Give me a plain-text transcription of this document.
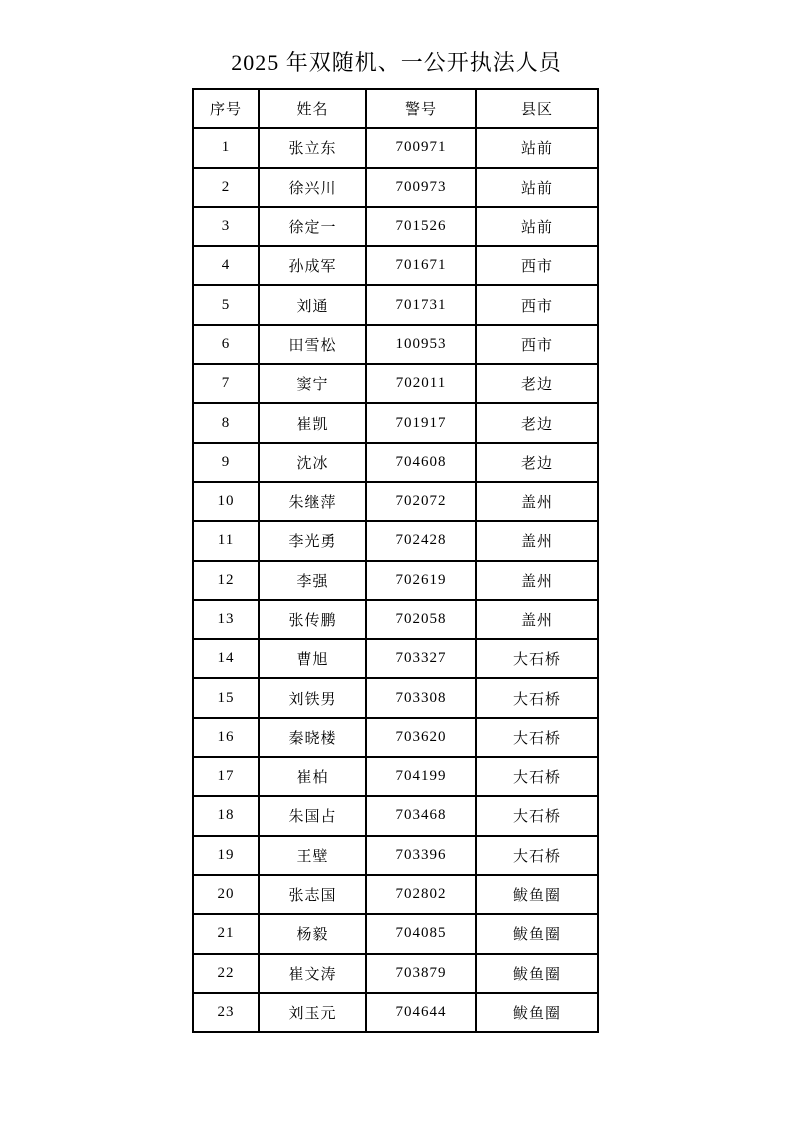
2025 年双随机、一公开执法人员
序号	姓名	警号	县区
1	张立东	700971	站前
2	徐兴川	700973	站前
3	徐定一	701526	站前
4	孙成军	701671	西市
5	刘通	701731	西市
6	田雪松	100953	西市
7	窦宁	702011	老边
8	崔凯	701917	老边
9	沈冰	704608	老边
10	朱继萍	702072	盖州
11	李光勇	702428	盖州
12	李强	702619	盖州
13	张传鹏	702058	盖州
14	曹旭	703327	大石桥
15	刘铁男	703308	大石桥
16	秦晓楼	703620	大石桥
17	崔柏	704199	大石桥
18	朱国占	703468	大石桥
19	王壁	703396	大石桥
20	张志国	702802	鲅鱼圈
21	杨毅	704085	鲅鱼圈
22	崔文涛	703879	鲅鱼圈
23	刘玉元	704644	鲅鱼圈
